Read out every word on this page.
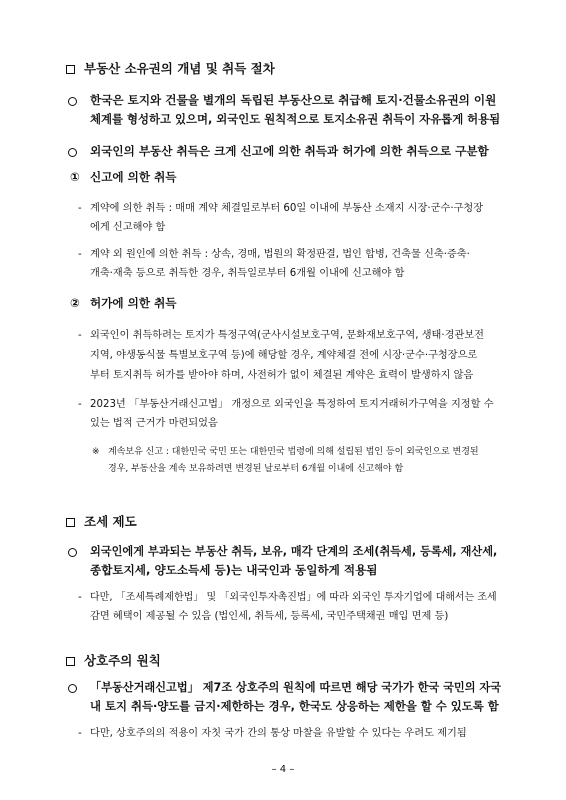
부동산 소유권의 개념 및 취득 절차
한국은 토지와 건물을 별개의 독립된 부동산으로 취급해 토지·건물소유권의 이원
체계를 형성하고 있으며, 외국인도 원칙적으로 토지소유권 취득이 자유롭게 허용됨
외국인의 부동산 취득은 크게 신고에 의한 취득과 허가에 의한 취득으로 구분함
① 신고에 의한 취득
- 계약에 의한 취득 : 매매 계약 체결일로부터 60일 이내에 부동산 소재지 시장·군수·구청장
에게 신고해야 함
- 계약 외 원인에 의한 취득 : 상속, 경매, 법원의 확정판결, 법인 합병, 건축물 신축·증축·
개축·재축 등으로 취득한 경우, 취득일로부터 6개월 이내에 신고해야 함
② 허가에 의한 취득
- 외국인이 취득하려는 토지가 특정구역(군사시설보호구역, 문화재보호구역, 생태·경관보전
지역, 야생동식물 특별보호구역 등)에 해당할 경우, 계약체결 전에 시장·군수·구청장으로
부터 토지취득 허가를 받아야 하며, 사전허가 없이 체결된 계약은 효력이 발생하지 않음
- 2023년 「부동산거래신고법」 개정으로 외국인을 특정하여 토지거래허가구역을 지정할 수
있는 법적 근거가 마련되었음
※ 계속보유 신고 : 대한민국 국민 또는 대한민국 법령에 의해 설립된 법인 등이 외국인으로 변경된
경우, 부동산을 계속 보유하려면 변경된 날로부터 6개월 이내에 신고해야 함
조세 제도
외국인에게 부과되는 부동산 취득, 보유, 매각 단계의 조세(취득세, 등록세, 재산세,
종합토지세, 양도소득세 등)는 내국인과 동일하게 적용됨
- 다만, 「조세특례제한법」 및 「외국인투자촉진법」에 따라 외국인 투자기업에 대해서는 조세
감면 혜택이 제공될 수 있음 (법인세, 취득세, 등록세, 국민주택채권 매입 면제 등)
상호주의 원칙
「부동산거래신고법」 제7조 상호주의 원칙에 따르면 해당 국가가 한국 국민의 자국
내 토지 취득·양도를 금지·제한하는 경우, 한국도 상응하는 제한을 할 수 있도록 함
- 다만, 상호주의의 적용이 자칫 국가 간의 통상 마찰을 유발할 수 있다는 우려도 제기됨
– 4 –
